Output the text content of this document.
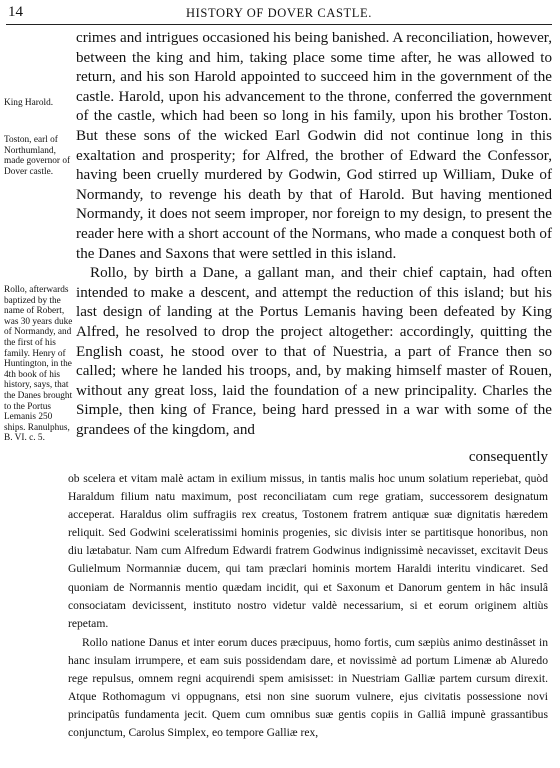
14	HISTORY OF DOVER CASTLE.
King Harold.
Toston, earl of Northumland, made governor of Dover castle.
Rollo, afterwards baptized by the name of Robert, was 30 years duke of Normandy, and the first of his family. Henry of Huntington, in the 4th book of his history, says, that the Danes brought to the Portus Lemanis 250 ships. Ranulphus, B. VI. c. 5.

crimes and intrigues occasioned his being banished. A reconciliation, however, between the king and him, taking place some time after, he was allowed to return, and his son Harold appointed to succeed him in the government of the castle. Harold, upon his advancement to the throne, conferred the government of the castle, which had been so long in his family, upon his brother Toston. But these sons of the wicked Earl Godwin did not continue long in this exaltation and prosperity; for Alfred, the brother of Edward the Confessor, having been cruelly murdered by Godwin, God stirred up William, Duke of Normandy, to revenge his death by that of Harold. But having mentioned Normandy, it does not seem improper, nor foreign to my design, to present the reader here with a short account of the Normans, who made a conquest both of the Danes and Saxons that were settled in this island.

Rollo, by birth a Dane, a gallant man, and their chief captain, had often intended to make a descent, and attempt the reduction of this island; but his last design of landing at the Portus Lemanis having been defeated by King Alfred, he resolved to drop the project altogether: accordingly, quitting the English coast, he stood over to that of Nuestria, a part of France then so called; where he landed his troops, and, by making himself master of Rouen, without any great loss, laid the foundation of a new principality. Charles the Simple, then king of France, being hard pressed in a war with some of the grandees of the kingdom, and

consequently

ob scelera et vitam malè actam in exilium missus, in tantis malis hoc unum solatium reperiebat, quòd Haraldum filium natu maximum, post reconciliatam cum rege gratiam, successorem designatum acceperat. Haraldus olim suffragiis rex creatus, Tostonem fratrem antiquæ suæ dignitatis hæredem reliquit. Sed Godwini sceleratissimi hominis progenies, sic divisis inter se partitisque honoribus, non diu lætabatur. Nam cum Alfredum Edwardi fratrem Godwinus indignissimè necavisset, excitavit Deus Gulielmum Normanniæ ducem, qui tam præclari hominis mortem Haraldi interitu vindicaret. Sed quoniam de Normannis mentio quædam incidit, qui et Saxonum et Danorum gentem in hâc insulâ consociatam devicissent, instituto nostro videtur valdè necessarium, si et eorum originem altiùs repetam.

Rollo natione Danus et inter eorum duces præcipuus, homo fortis, cum sæpiùs animo destinâsset in hanc insulam irrumpere, et eam suis possidendam dare, et novissimè ad portum Limenæ ab Aluredo rege repulsus, omnem regni acquirendi spem amisisset: in Nuestriam Galliæ partem cursum direxit. Atque Rothomagum vi oppugnans, etsi non sine suorum vulnere, ejus civitatis possessione novi principatûs fundamenta jecit. Quem cum omnibus suæ gentis copiis in Galliâ impunè grassantibus conjunctum, Carolus Simplex, eo tempore Galliæ rex,
